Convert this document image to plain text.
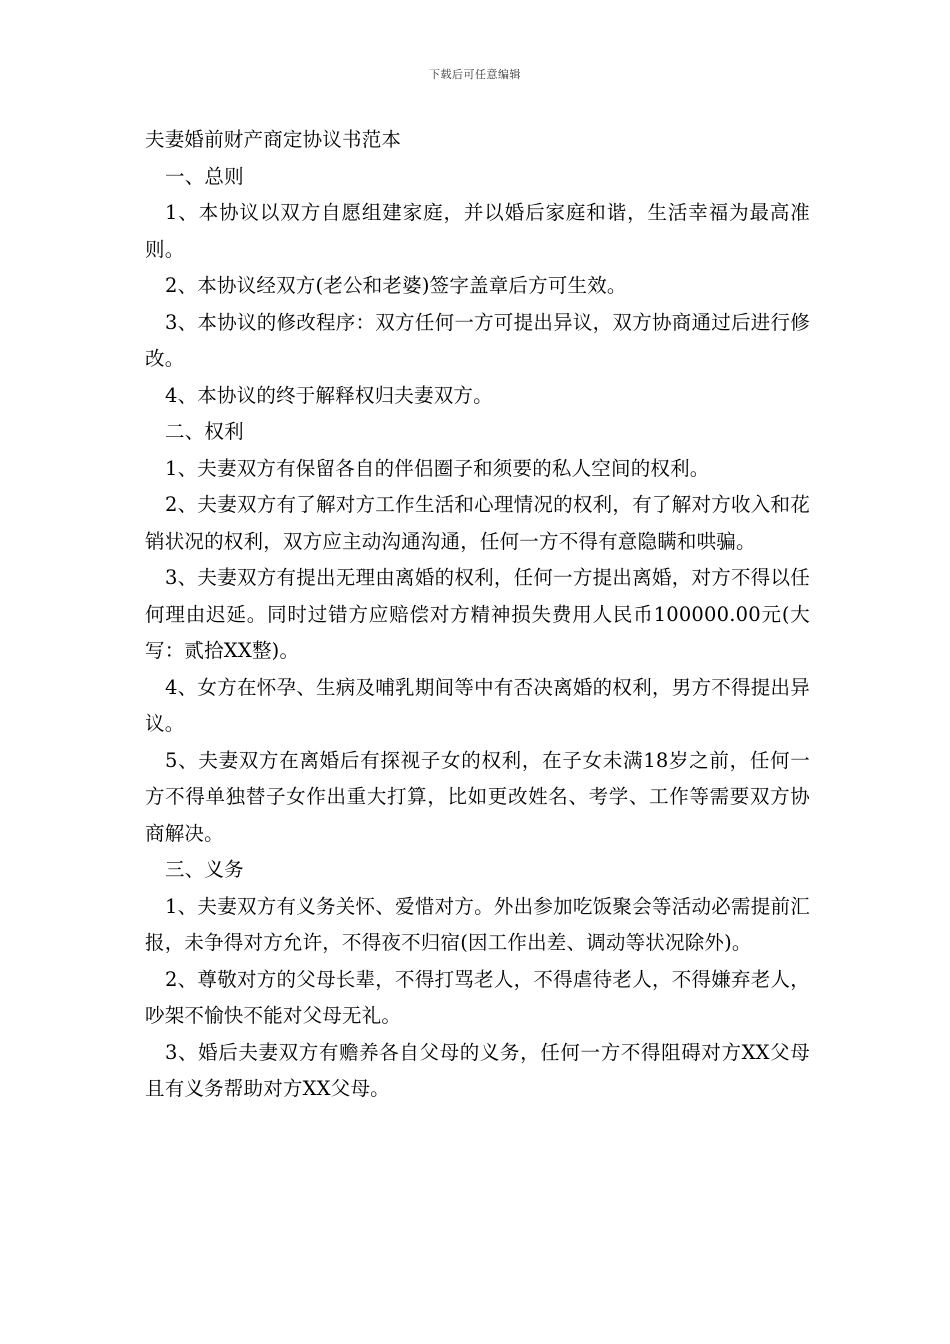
下载后可任意编辑

夫妻婚前财产商定协议书范本

一、总则

1、本协议以双方自愿组建家庭，并以婚后家庭和谐，生活幸福为最高准则。

2、本协议经双方(老公和老婆)签字盖章后方可生效。

3、本协议的修改程序：双方任何一方可提出异议，双方协商通过后进行修改。

4、本协议的终于解释权归夫妻双方。

二、权利

1、夫妻双方有保留各自的伴侣圈子和须要的私人空间的权利。

2、夫妻双方有了解对方工作生活和心理情况的权利，有了解对方收入和花销状况的权利，双方应主动沟通沟通，任何一方不得有意隐瞒和哄骗。

3、夫妻双方有提出无理由离婚的权利，任何一方提出离婚，对方不得以任何理由迟延。同时过错方应赔偿对方精神损失费用人民币100000.00元(大写：贰拾XX整)。

4、女方在怀孕、生病及哺乳期间等中有否决离婚的权利，男方不得提出异议。

5、夫妻双方在离婚后有探视子女的权利，在子女未满18岁之前，任何一方不得单独替子女作出重大打算，比如更改姓名、考学、工作等需要双方协商解决。

三、义务

1、夫妻双方有义务关怀、爱惜对方。外出参加吃饭聚会等活动必需提前汇报，未争得对方允许，不得夜不归宿(因工作出差、调动等状况除外)。

2、尊敬对方的父母长辈，不得打骂老人，不得虐待老人，不得嫌弃老人，吵架不愉快不能对父母无礼。

3、婚后夫妻双方有赡养各自父母的义务，任何一方不得阻碍对方XX父母且有义务帮助对方XX父母。
